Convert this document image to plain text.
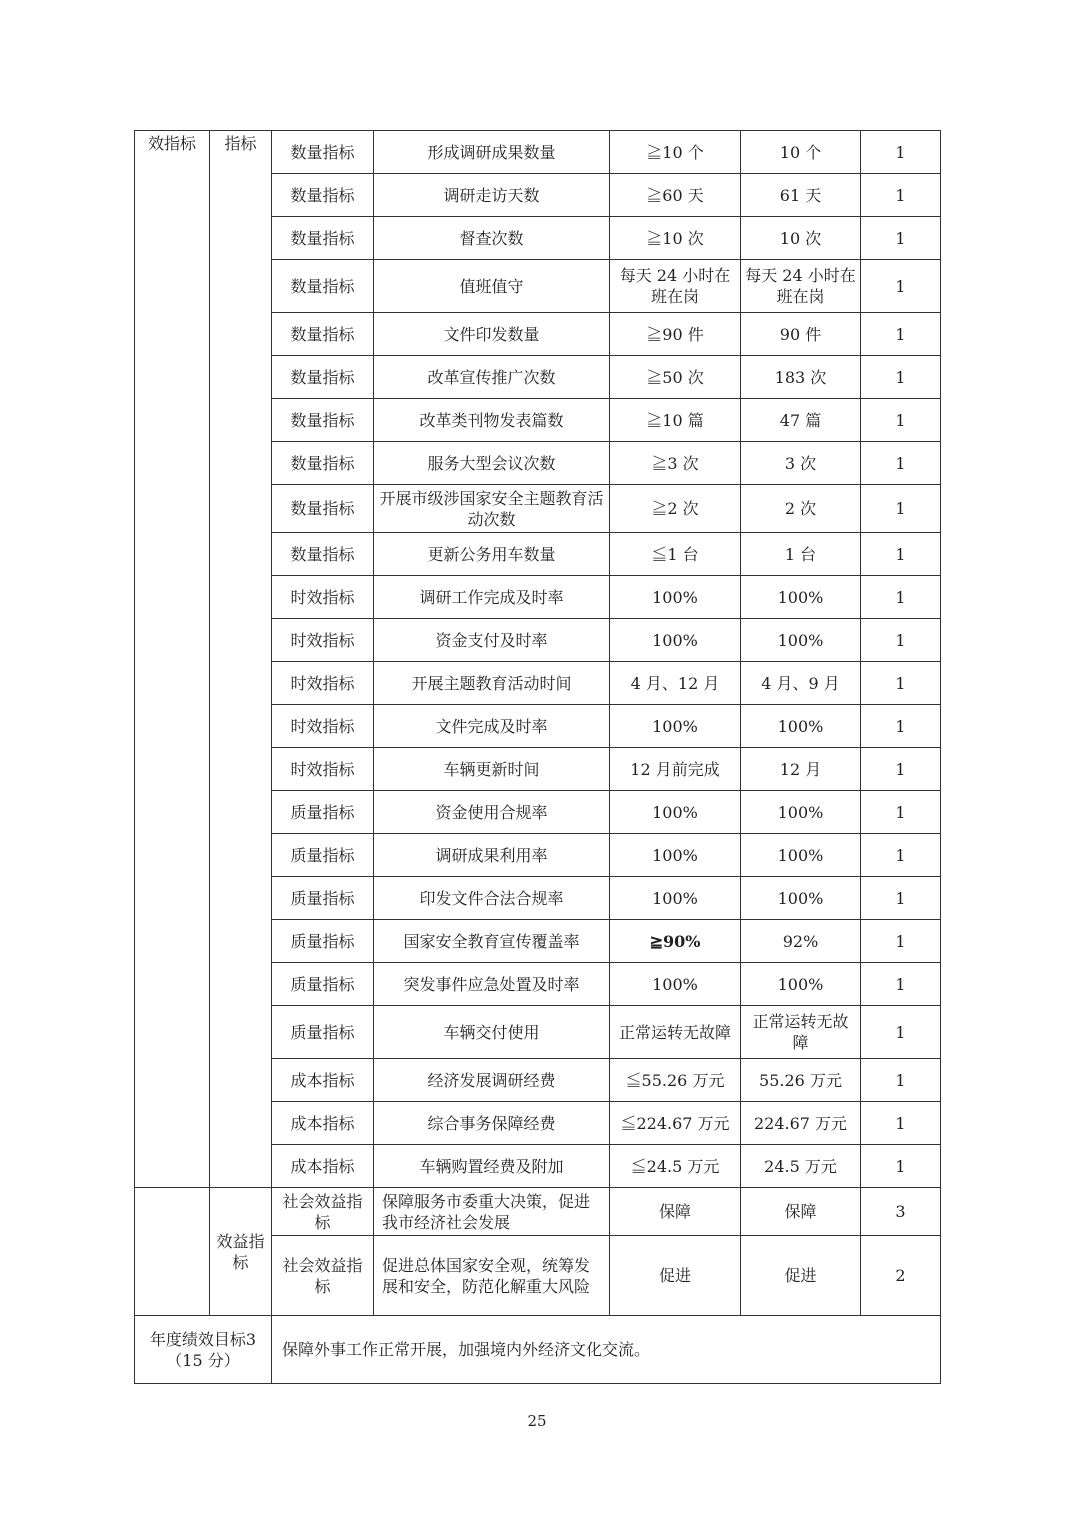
效指标	指标	数量指标	形成调研成果数量	≧10 个	10 个	1
		数量指标	调研走访天数	≧60 天	61 天	1
		数量指标	督查次数	≧10 次	10 次	1
		数量指标	值班值守	每天 24 小时在班在岗	每天 24 小时在班在岗	1
		数量指标	文件印发数量	≧90 件	90 件	1
		数量指标	改革宣传推广次数	≧50 次	183 次	1
		数量指标	改革类刊物发表篇数	≧10 篇	47 篇	1
		数量指标	服务大型会议次数	≧3 次	3 次	1
		数量指标	开展市级涉国家安全主题教育活动次数	≧2 次	2 次	1
		数量指标	更新公务用车数量	≦1 台	1 台	1
		时效指标	调研工作完成及时率	100%	100%	1
		时效指标	资金支付及时率	100%	100%	1
		时效指标	开展主题教育活动时间	4 月、12 月	4 月、9 月	1
		时效指标	文件完成及时率	100%	100%	1
		时效指标	车辆更新时间	12 月前完成	12 月	1
		质量指标	资金使用合规率	100%	100%	1
		质量指标	调研成果利用率	100%	100%	1
		质量指标	印发文件合法合规率	100%	100%	1
		质量指标	国家安全教育宣传覆盖率	≧90%	92%	1
		质量指标	突发事件应急处置及时率	100%	100%	1
		质量指标	车辆交付使用	正常运转无故障	正常运转无故障	1
		成本指标	经济发展调研经费	≦55.26 万元	55.26 万元	1
		成本指标	综合事务保障经费	≦224.67 万元	224.67 万元	1
		成本指标	车辆购置经费及附加	≦24.5 万元	24.5 万元	1
	效益指标	社会效益指标	保障服务市委重大决策，促进我市经济社会发展	保障	保障	3
		社会效益指标	促进总体国家安全观，统筹发展和安全，防范化解重大风险	促进	促进	2
年度绩效目标3（15 分）		保障外事工作正常开展，加强境内外经济文化交流。				
25
